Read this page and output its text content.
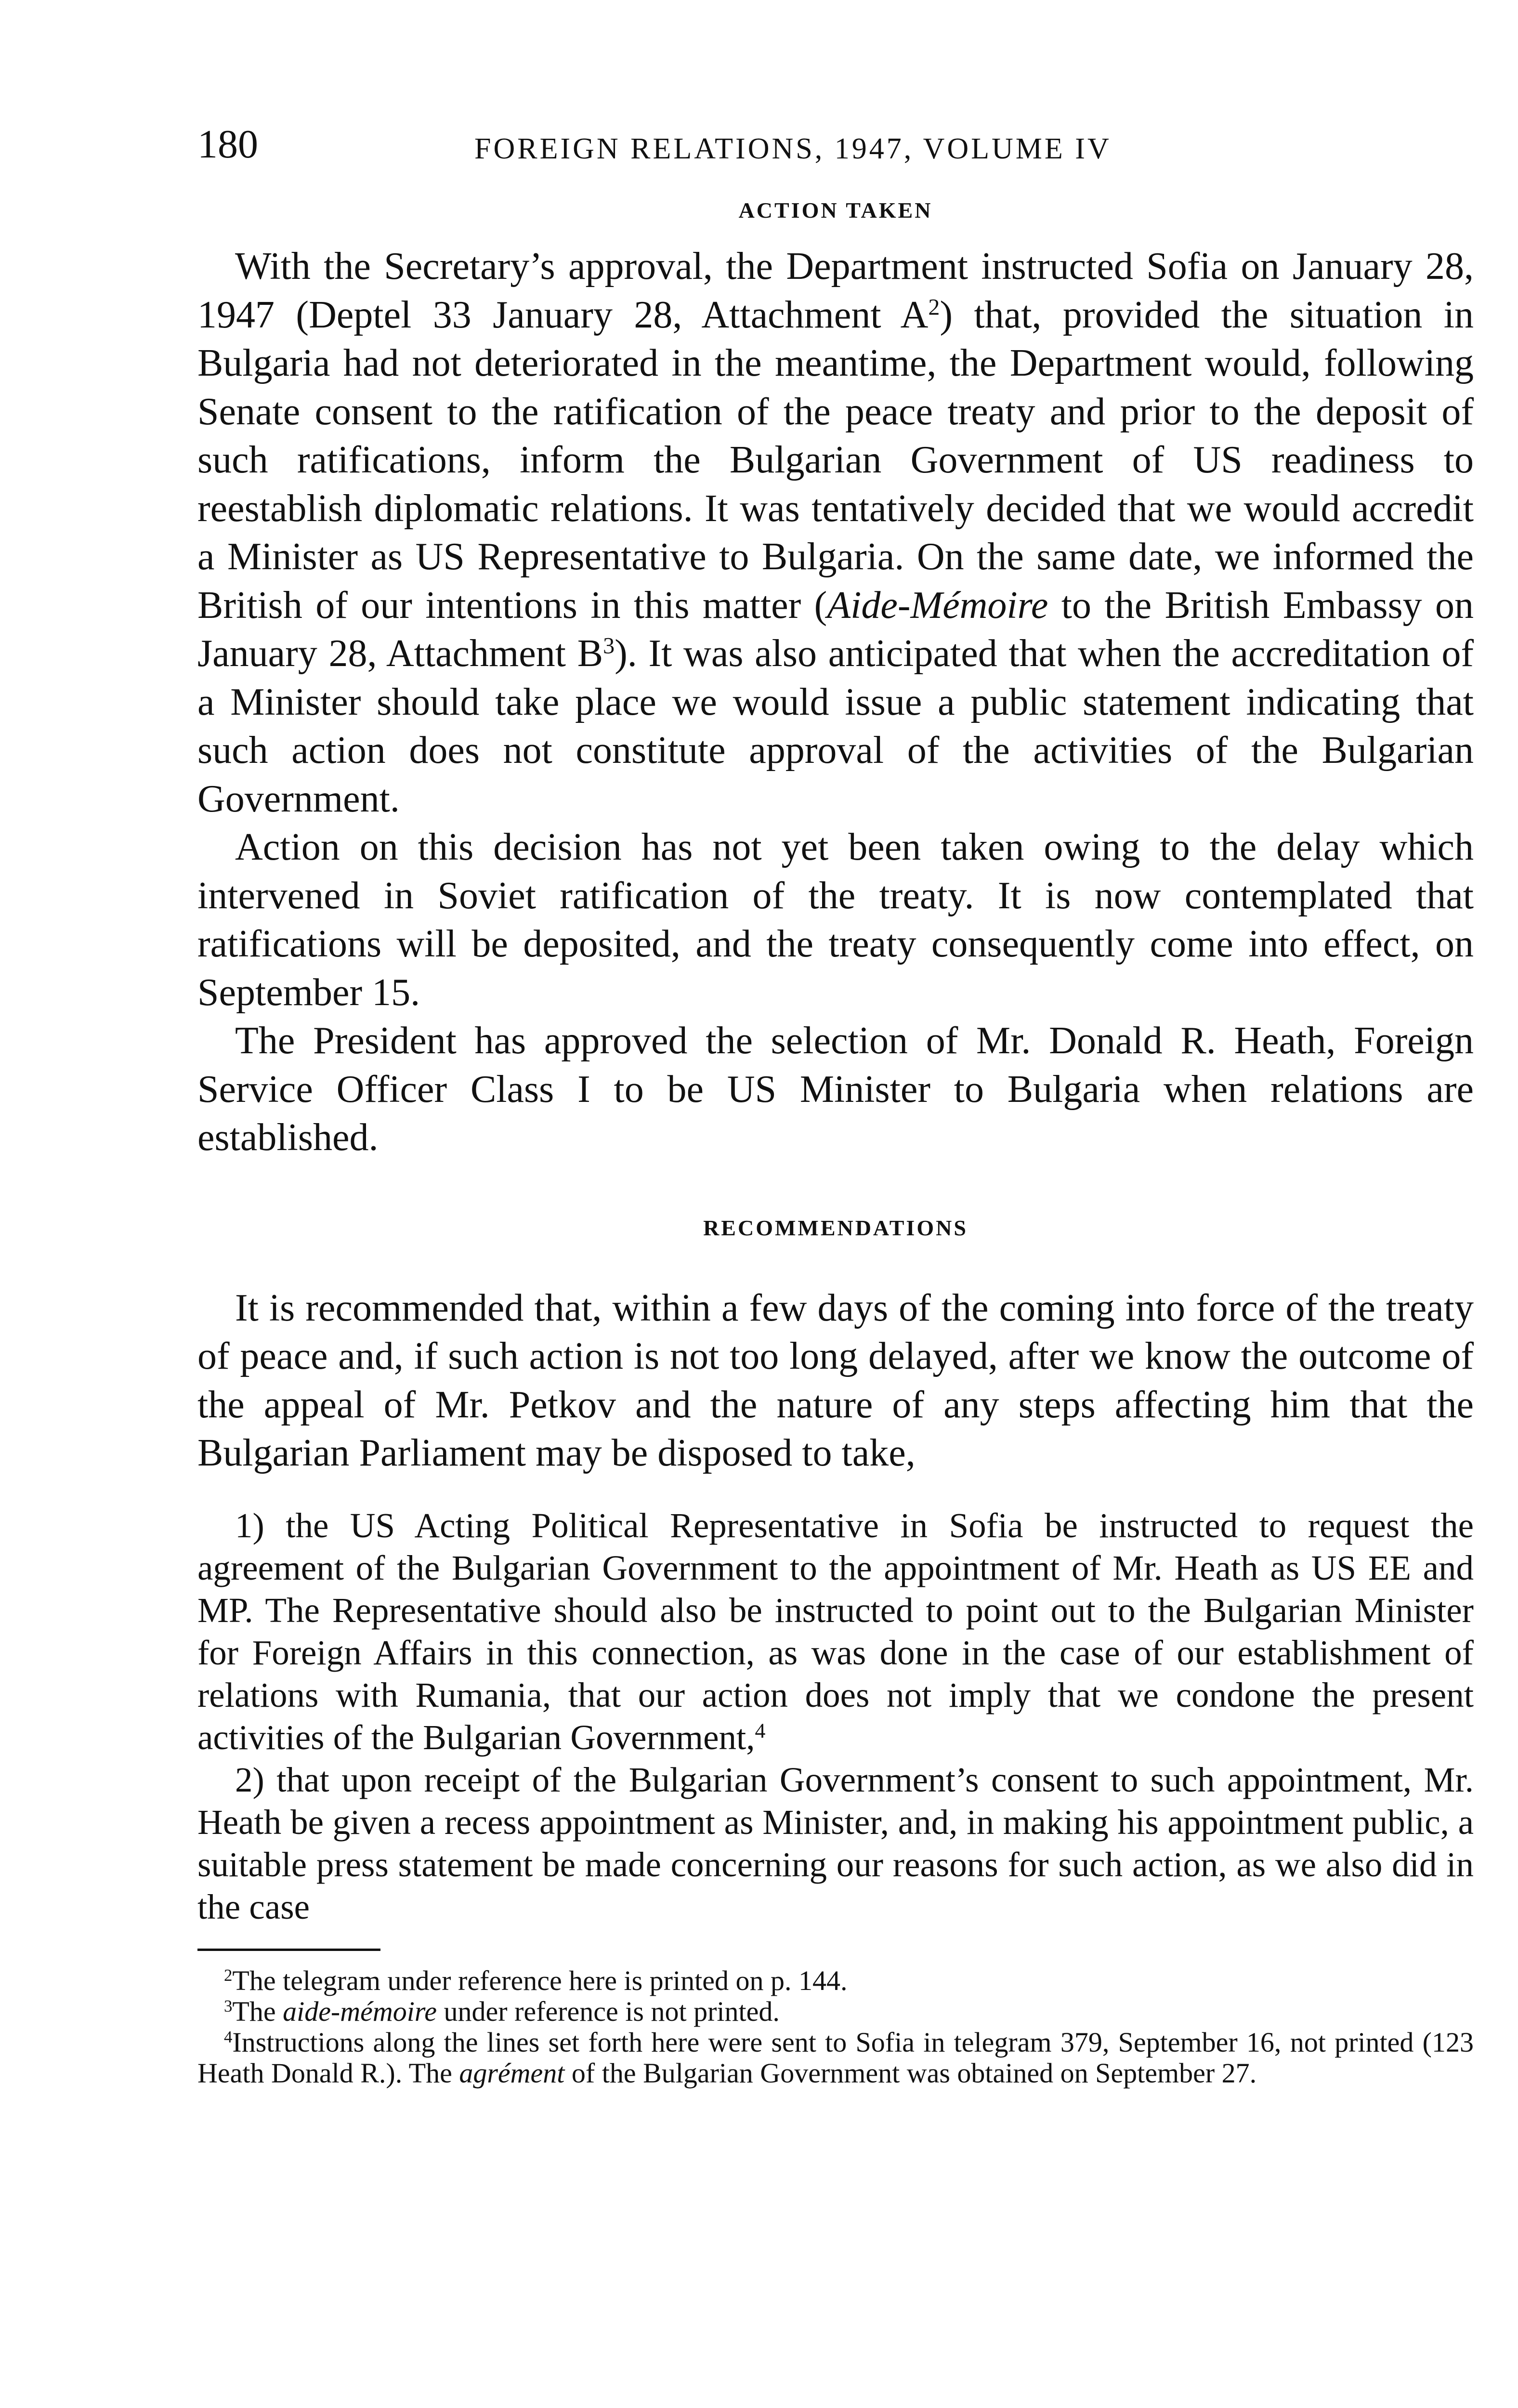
180	FOREIGN RELATIONS, 1947, VOLUME IV
ACTION TAKEN

With the Secretary’s approval, the Department instructed Sofia on January 28, 1947 (Deptel 33 January 28, Attachment $A^2$) that, provided the situation in Bulgaria had not deteriorated in the meantime, the Department would, following Senate consent to the ratification of the peace treaty and prior to the deposit of such ratifications, inform the Bulgarian Government of US readiness to reestablish diplomatic relations. It was tentatively decided that we would accredit a Minister as US Representative to Bulgaria. On the same date, we informed the British of our intentions in this matter (Aide-Mémoire to the British Embassy on January 28, Attachment $B^3$). It was also anticipated that when the accreditation of a Minister should take place we would issue a public statement indicating that such action does not constitute approval of the activities of the Bulgarian Government.

Action on this decision has not yet been taken owing to the delay which intervened in Soviet ratification of the treaty. It is now contemplated that ratifications will be deposited, and the treaty consequently come into effect, on September 15.

The President has approved the selection of Mr. Donald R. Heath, Foreign Service Officer Class I to be US Minister to Bulgaria when relations are established.

RECOMMENDATIONS

It is recommended that, within a few days of the coming into force of the treaty of peace and, if such action is not too long delayed, after we know the outcome of the appeal of Mr. Petkov and the nature of any steps affecting him that the Bulgarian Parliament may be disposed to take,

1) the US Acting Political Representative in Sofia be instructed to request the agreement of the Bulgarian Government to the appointment of Mr. Heath as US EE and MP. The Representative should also be instructed to point out to the Bulgarian Minister for Foreign Affairs in this connection, as was done in the case of our establishment of relations with Rumania, that our action does not imply that we condone the present activities of the Bulgarian Government,$^4$

2) that upon receipt of the Bulgarian Government’s consent to such appointment, Mr. Heath be given a recess appointment as Minister, and, in making his appointment public, a suitable press statement be made concerning our reasons for such action, as we also did in the case

$^2$The telegram under reference here is printed on p. 144.

$^3$The aide-mémoire under reference is not printed.

$^4$Instructions along the lines set forth here were sent to Sofia in telegram 379, September 16, not printed (123 Heath Donald R.). The agrément of the Bulgarian Government was obtained on September 27.
